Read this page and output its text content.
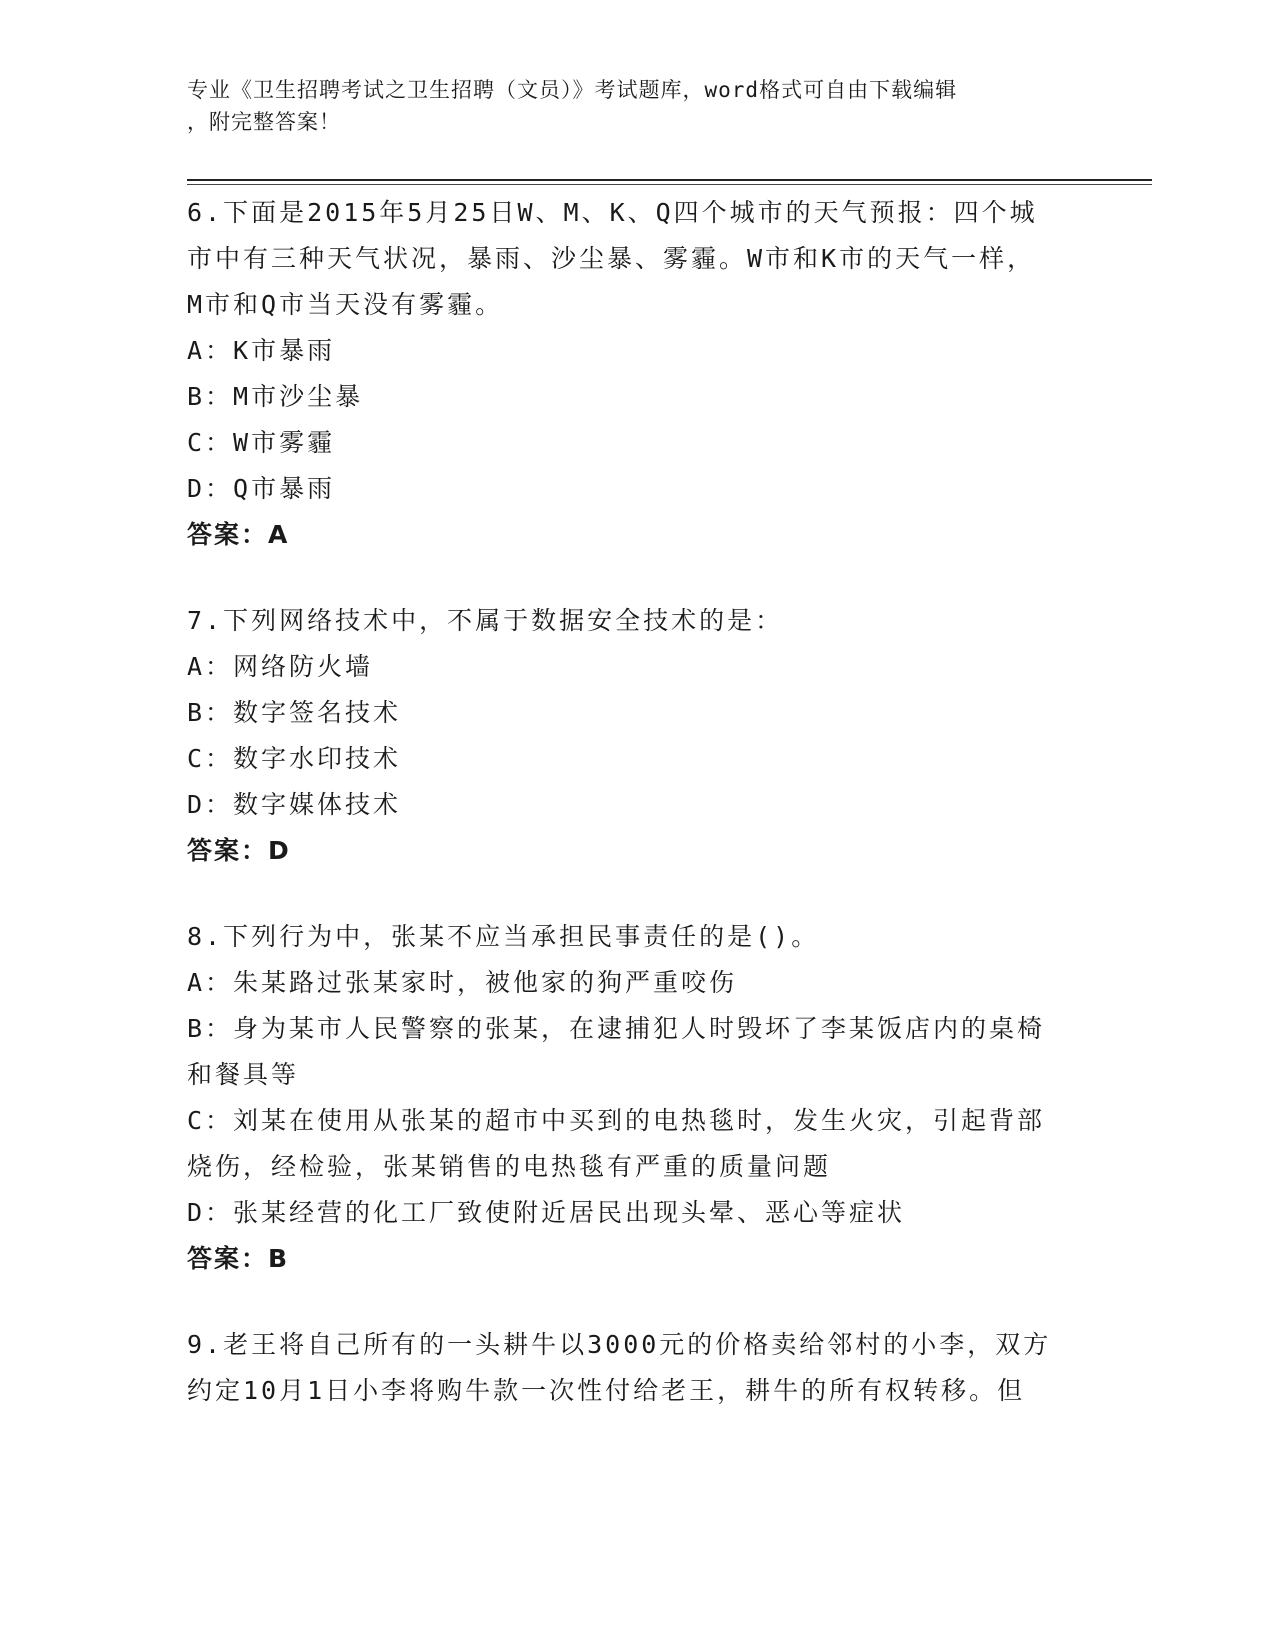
专业《卫生招聘考试之卫生招聘（文员）》考试题库，word格式可自由下载编辑
，附完整答案！
6.下面是2015年5月25日W、M、K、Q四个城市的天气预报：四个城
市中有三种天气状况，暴雨、沙尘暴、雾霾。W市和K市的天气一样，
M市和Q市当天没有雾霾。
A：K市暴雨
B：M市沙尘暴
C：W市雾霾
D：Q市暴雨
答案：A
7.下列网络技术中，不属于数据安全技术的是：
A：网络防火墙
B：数字签名技术
C：数字水印技术
D：数字媒体技术
答案：D
8.下列行为中，张某不应当承担民事责任的是()。
A：朱某路过张某家时，被他家的狗严重咬伤
B：身为某市人民警察的张某，在逮捕犯人时毁坏了李某饭店内的桌椅
和餐具等
C：刘某在使用从张某的超市中买到的电热毯时，发生火灾，引起背部
烧伤，经检验，张某销售的电热毯有严重的质量问题
D：张某经营的化工厂致使附近居民出现头晕、恶心等症状
答案：B
9.老王将自己所有的一头耕牛以3000元的价格卖给邻村的小李，双方
约定10月1日小李将购牛款一次性付给老王，耕牛的所有权转移。但
